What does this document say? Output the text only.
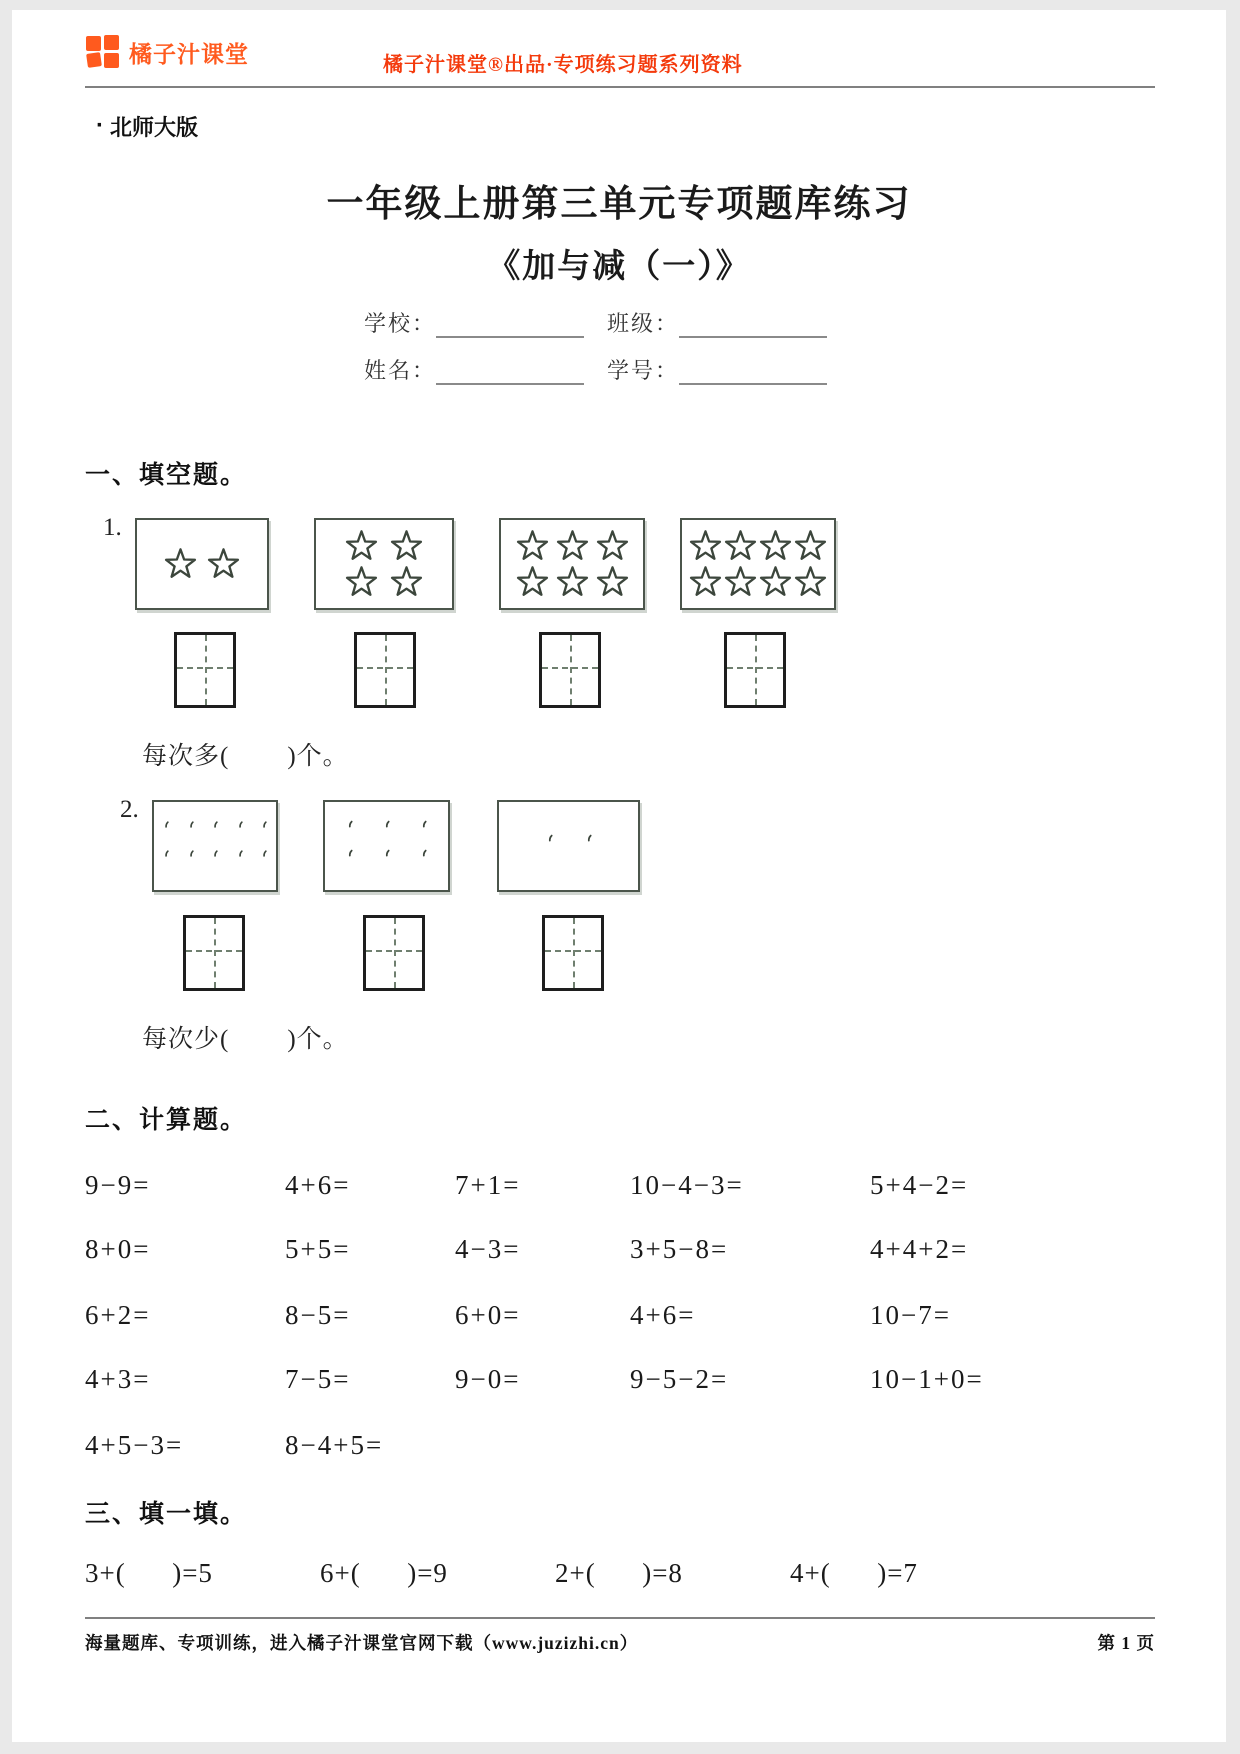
橘子汁课堂	橘子汁课堂®出品·专项练习题系列资料
· 北师大版
一年级上册第三单元专项题库练习
《加与减（一）》
学校：	班级：
姓名：	学号：
一、填空题。
1.
每次多(        )个。
2.
每次少(        )个。
二、计算题。
9−9=	4+6=	7+1=	10−4−3=	5+4−2=
8+0=	5+5=	4−3=	3+5−8=	4+4+2=
6+2=	8−5=	6+0=	4+6=	10−7=
4+3=	7−5=	9−0=	9−5−2=	10−1+0=
4+5−3=	8−4+5=
三、填一填。
3+(      )=5	6+(      )=9	2+(      )=8	4+(      )=7
海量题库、专项训练，进入橘子汁课堂官网下载（www.juzizhi.cn）	第 1 页
